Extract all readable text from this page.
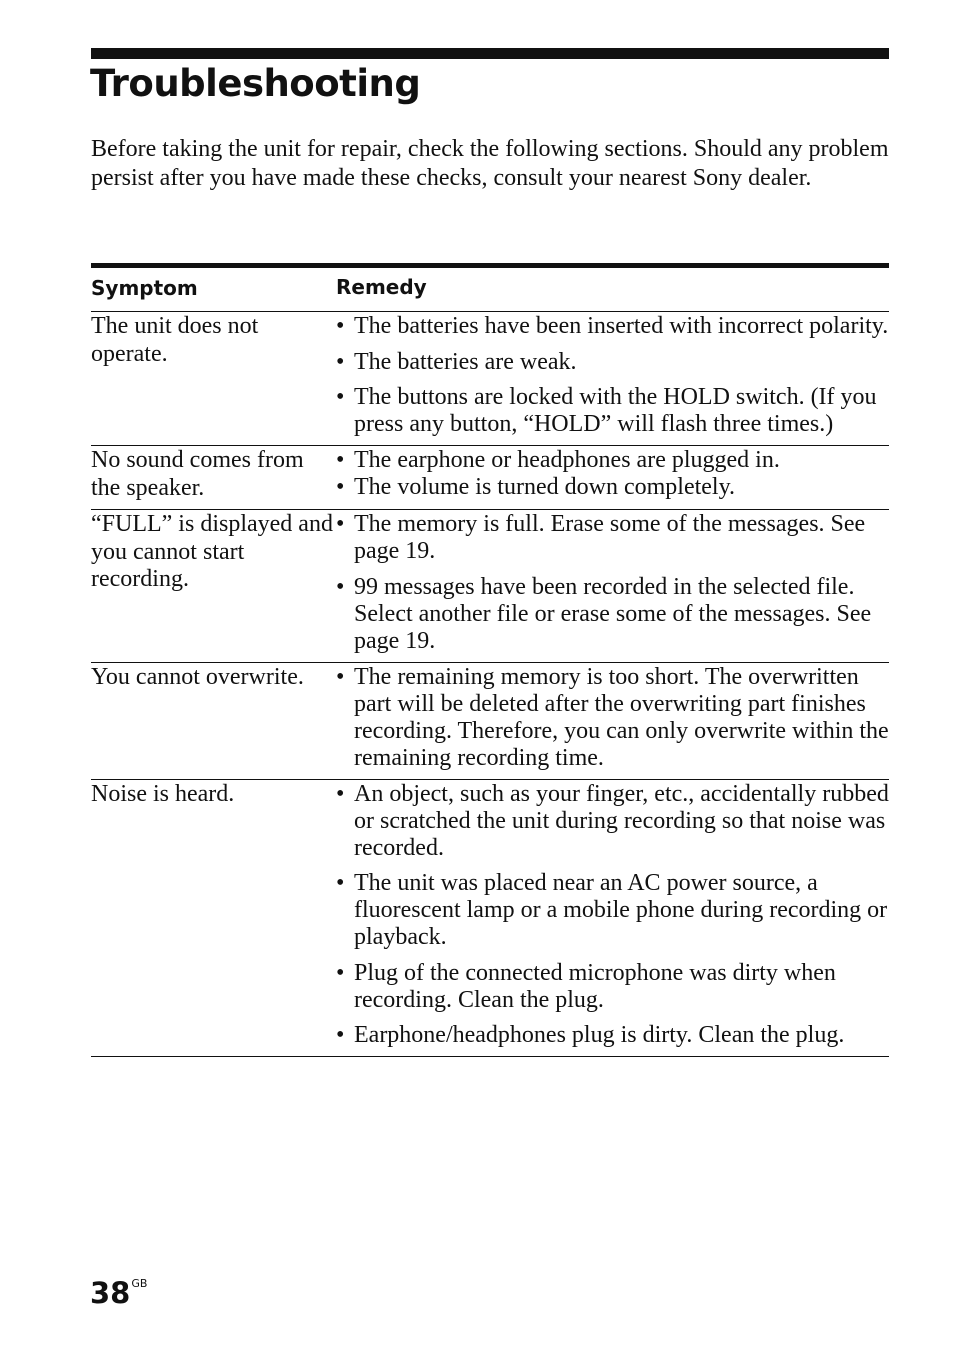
Troubleshooting

Before taking the unit for repair, check the following sections. Should any problem persist after you have made these checks, consult your nearest Sony dealer.

Symptom	Remedy
The unit does not operate.
• The batteries have been inserted with incorrect polarity.
• The batteries are weak.
• The buttons are locked with the HOLD switch. (If you press any button, “HOLD” will flash three times.)
No sound comes from the speaker.
• The earphone or headphones are plugged in.
• The volume is turned down completely.
“FULL” is displayed and you cannot start recording.
• The memory is full. Erase some of the messages. See page 19.
• 99 messages have been recorded in the selected file. Select another file or erase some of the messages. See page 19.
You cannot overwrite.	• The remaining memory is too short. The overwritten part will be deleted after the overwriting part finishes recording. Therefore, you can only overwrite within the remaining recording time.
Noise is heard.	• An object, such as your finger, etc., accidentally rubbed or scratched the unit during recording so that noise was recorded.
• The unit was placed near an AC power source, a fluorescent lamp or a mobile phone during recording or playback.
• Plug of the connected microphone was dirty when recording. Clean the plug.
• Earphone/headphones plug is dirty. Clean the plug.
$38^{GB}$
